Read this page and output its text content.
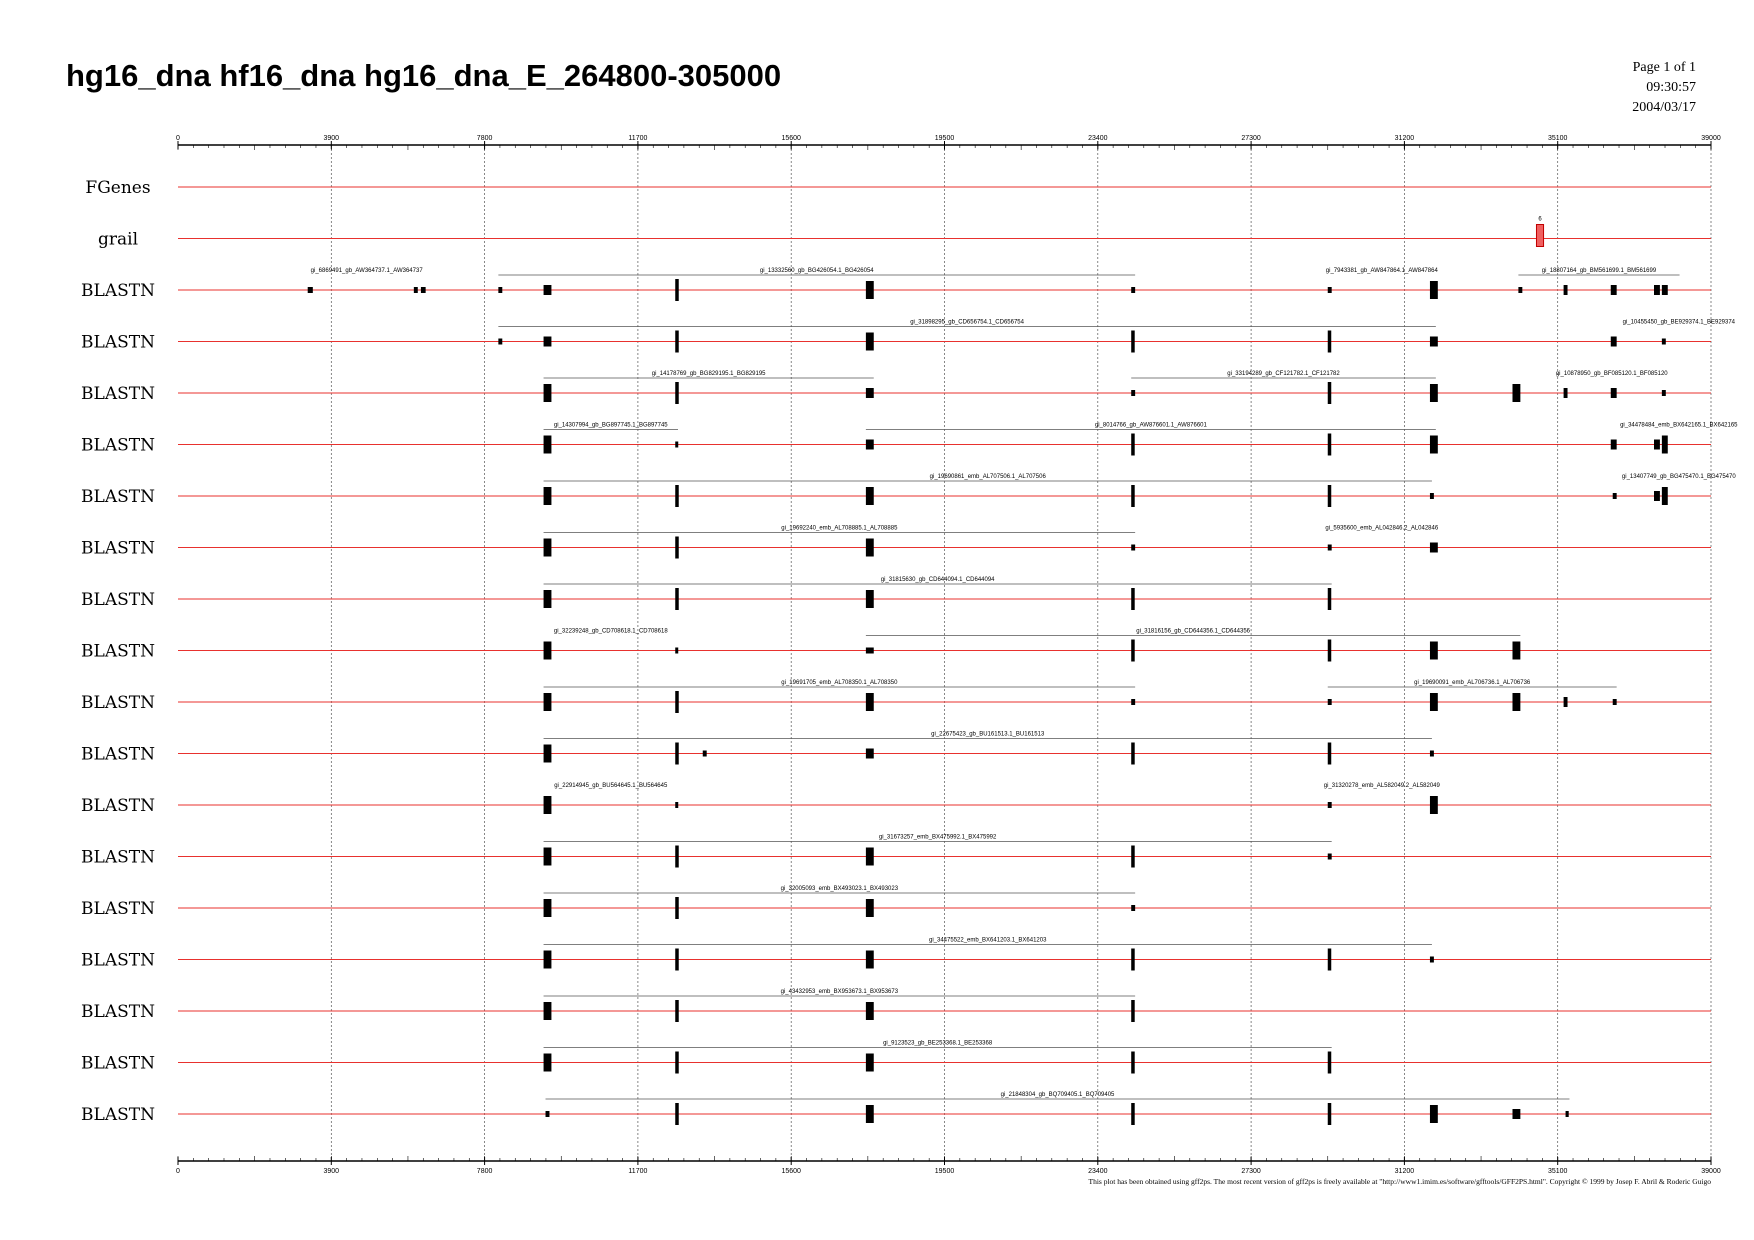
hg16_dna hf16_dna hg16_dna_E_264800-305000	Page 1 of 1
09:30:57
2004/03/17
0	3900	7800	11700	15600	19500	23400	27300	31200	35100	39000
0	3900	7800	11700	15600	19500	23400	27300	31200	35100	39000
FGenes
grail
6
BLASTN
gi_6869491_gb_AW364737.1_AW364737	gi_13332560_gb_BG426054.1_BG426054	gi_7943381_gb_AW847864.1_AW847864	gi_18807164_gb_BM561699.1_BM561699
BLASTN
gi_31898295_gb_CD656754.1_CD656754	gi_10455450_gb_BE929374.1_BE929374
BLASTN
gi_14178769_gb_BG829195.1_BG829195	gi_33194289_gb_CF121782.1_CF121782	gi_10878950_gb_BF085120.1_BF085120
BLASTN
gi_14307994_gb_BG897745.1_BG897745	gi_8014766_gb_AW876601.1_AW876601	gi_34478484_emb_BX642165.1_BX642165
BLASTN
gi_19690861_emb_AL707506.1_AL707506	gi_13407749_gb_BG475470.1_BG475470
BLASTN
gi_19692240_emb_AL708885.1_AL708885	gi_5935600_emb_AL042846.2_AL042846
BLASTN
gi_31815630_gb_CD644094.1_CD644094
BLASTN
gi_32239248_gb_CD708618.1_CD708618	gi_31816156_gb_CD644356.1_CD644356
BLASTN
gi_19691705_emb_AL708350.1_AL708350	gi_19690091_emb_AL706736.1_AL706736
BLASTN
gi_22675423_gb_BU161513.1_BU161513
BLASTN
gi_22914945_gb_BU564645.1_BU564645	gi_31320278_emb_AL582049.2_AL582049
BLASTN
gi_31673257_emb_BX475992.1_BX475992
BLASTN
gi_32005093_emb_BX493023.1_BX493023
BLASTN
gi_34475522_emb_BX641203.1_BX641203
BLASTN
gi_43432953_emb_BX953673.1_BX953673
BLASTN
gi_9123523_gb_BE253368.1_BE253368
BLASTN
gi_21848304_gb_BQ709405.1_BQ709405
This plot has been obtained using gff2ps. The most recent version of gff2ps is freely available at "http://www1.imim.es/software/gfftools/GFF2PS.html". Copyright © 1999 by Josep F. Abril & Roderic Guigo
